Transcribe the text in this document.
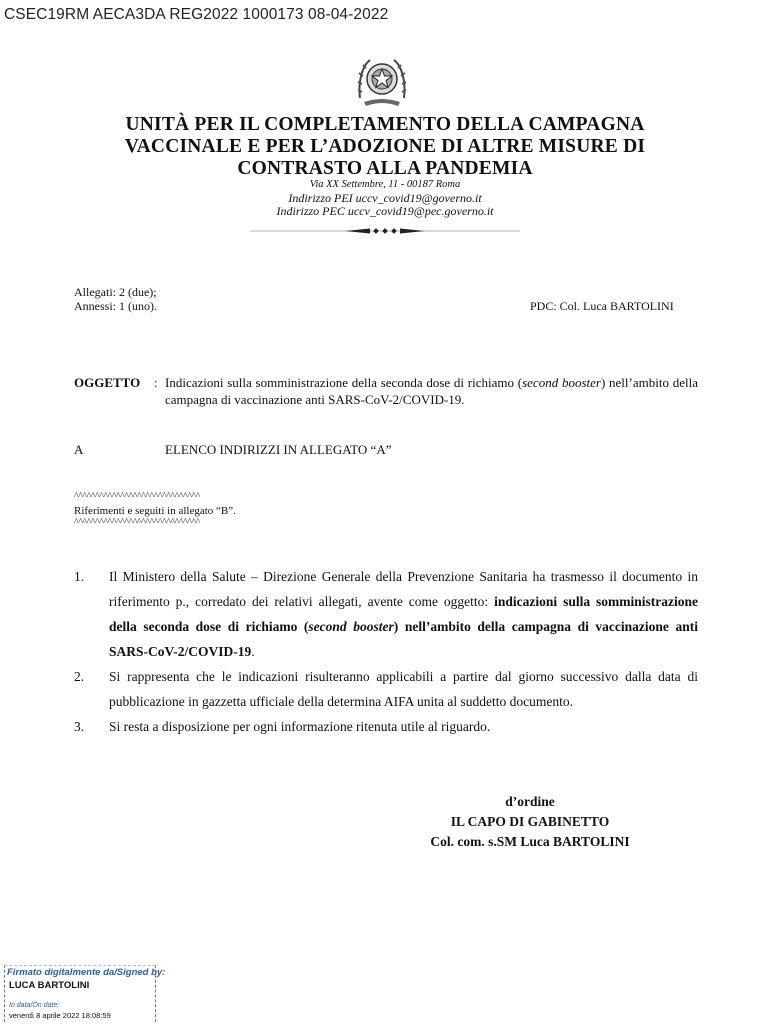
CSEC19RM AECA3DA REG2022 1000173 08-04-2022
UNITÀ PER IL COMPLETAMENTO DELLA CAMPAGNA
VACCINALE E PER L’ADOZIONE DI ALTRE MISURE DI
CONTRASTO ALLA PANDEMIA
Via XX Settembre, 11 - 00187 Roma
Indirizzo PEI uccv_covid19@governo.it
Indirizzo PEC uccv_covid19@pec.governo.it
Allegati: 2 (due);
Annessi: 1 (uno).	PDC: Col. Luca BARTOLINI
OGGETTO : Indicazioni sulla somministrazione della seconda dose di richiamo (second booster) nell’ambito della campagna di vaccinazione anti SARS-CoV-2/COVID-19.
A	ELENCO INDIRIZZI IN ALLEGATO “A”
^^^^^^^^^^^^^^^^^^^^^^^^^^^^^^
Riferimenti e seguiti in allegato “B”.
^^^^^^^^^^^^^^^^^^^^^^^^^^^^^^
1. Il Ministero della Salute – Direzione Generale della Prevenzione Sanitaria ha trasmesso il documento in riferimento p., corredato dei relativi allegati, avente come oggetto: indicazioni sulla somministrazione della seconda dose di richiamo (second booster) nell’ambito della campagna di vaccinazione anti SARS-CoV-2/COVID-19.
2. Si rappresenta che le indicazioni risulteranno applicabili a partire dal giorno successivo dalla data di pubblicazione in gazzetta ufficiale della determina AIFA unita al suddetto documento.
3. Si resta a disposizione per ogni informazione ritenuta utile al riguardo.
d’ordine
IL CAPO DI GABINETTO
Col. com. s.SM Luca BARTOLINI
Firmato digitalmente da/Signed by:
LUCA BARTOLINI
In data/On date:
venerdì 8 aprile 2022 18:08:59
